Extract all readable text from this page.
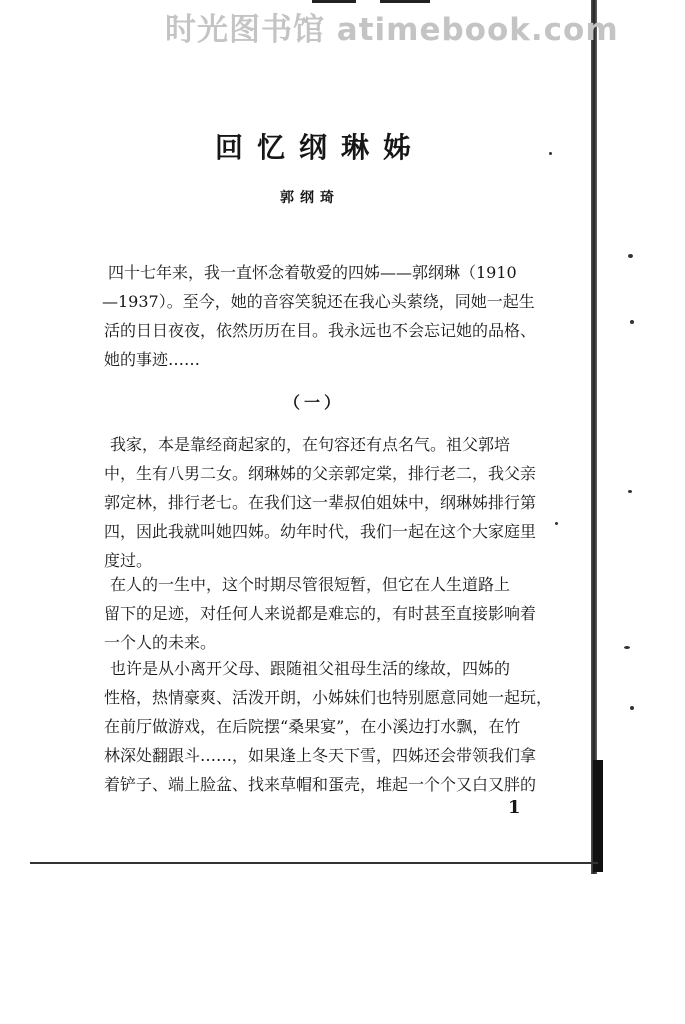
时光图书馆 atimebook.com
回忆纲琳姊
郭纲琦
四十七年来，我一直怀念着敬爱的四姊——郭纲琳（1910
—1937）。至今，她的音容笑貌还在我心头萦绕，同她一起生
活的日日夜夜，依然历历在目。我永远也不会忘记她的品格、
她的事迹……
（一）
我家，本是靠经商起家的，在句容还有点名气。祖父郭培
中，生有八男二女。纲琳姊的父亲郭定棠，排行老二，我父亲
郭定林，排行老七。在我们这一辈叔伯姐妹中，纲琳姊排行第
四，因此我就叫她四姊。幼年时代，我们一起在这个大家庭里
度过。
在人的一生中，这个时期尽管很短暂，但它在人生道路上
留下的足迹，对任何人来说都是难忘的，有时甚至直接影响着
一个人的未来。
也许是从小离开父母、跟随祖父祖母生活的缘故，四姊的
性格，热情豪爽、活泼开朗，小姊妹们也特别愿意同她一起玩，
在前厅做游戏，在后院摆“桑果宴”，在小溪边打水飘，在竹
林深处翻跟斗……，如果逢上冬天下雪，四姊还会带领我们拿
着铲子、端上脸盆、找来草帽和蛋壳，堆起一个个又白又胖的
1
